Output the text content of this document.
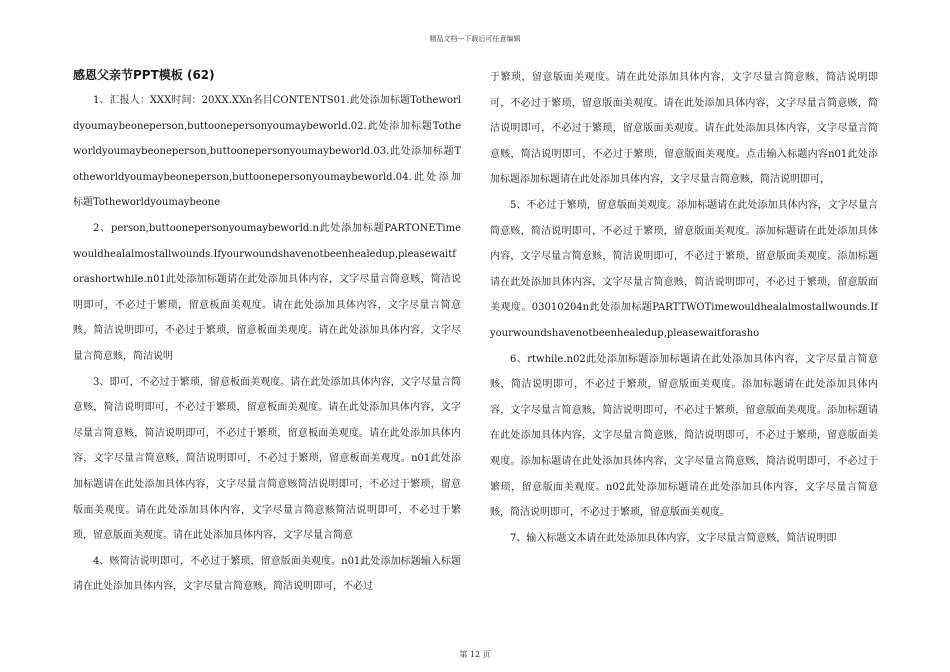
精品文档---下载后可任意编辑
感恩父亲节PPT模板 (62)

1、汇报人：XXX时间：20XX.XXn名目CONTENTS01.此处添加标题Totheworldyoumaybeoneperson,buttoonepersonyoumaybeworld.02.此处添加标题Totheworldyoumaybeoneperson,buttoonepersonyoumaybeworld.03.此处添加标题Totheworldyoumaybeoneperson,buttoonepersonyoumaybeworld.04.此处添加标题Totheworldyoumaybeone

2、person,buttoonepersonyoumaybeworld.n此处添加标题PARTONETimewouldhealalmostallwounds.Ifyourwoundshavenotbeenhealedup,pleasewaitforashortwhile.n01此处添加标题请在此处添加具体内容，文字尽量言简意赅，简洁说明即可，不必过于繁琐，留意板面美观度。请在此处添加具体内容，文字尽量言简意赅，简洁说明即可，不必过于繁琐，留意板面美观度。请在此处添加具体内容，文字尽量言简意赅，简洁说明

3、即可，不必过于繁琐，留意板面美观度。请在此处添加具体内容，文字尽量言简意赅，简洁说明即可，不必过于繁琐，留意板面美观度。请在此处添加具体内容，文字尽量言简意赅，简洁说明即可，不必过于繁琐，留意板面美观度。请在此处添加具体内容，文字尽量言简意赅，简洁说明即可，不必过于繁琐，留意板面美观度。n01此处添加标题请在此处添加具体内容，文字尽量言简意赅简洁说明即可，不必过于繁琐，留意版面美观度。请在此处添加具体内容，文字尽量言简意赅简洁说明即可，不必过于繁琐，留意版面美观度。请在此处添加具体内容，文字尽量言简意

4、赅简洁说明即可，不必过于繁琐，留意版面美观度。n01此处添加标题输入标题请在此处添加具体内容，文字尽量言简意赅，简洁说明即可，不必过

于繁琐，留意版面美观度。请在此处添加具体内容，文字尽量言简意赅，简洁说明即可，不必过于繁琐，留意版面美观度。请在此处添加具体内容，文字尽量言简意赅，简洁说明即可，不必过于繁琐，留意版面美观度。请在此处添加具体内容，文字尽量言简意赅，简洁说明即可，不必过于繁琐，留意版面美观度。点击输入标题内容n01此处添加标题添加标题请在此处添加具体内容，文字尽量言简意赅，简洁说明即可，

5、不必过于繁琐，留意版面美观度。添加标题请在此处添加具体内容，文字尽量言简意赅，简洁说明即可，不必过于繁琐，留意版面美观度。添加标题请在此处添加具体内容，文字尽量言简意赅，简洁说明即可，不必过于繁琐，留意版面美观度。添加标题请在此处添加具体内容，文字尽量言简意赅，简洁说明即可，不必过于繁琐，留意版面美观度。03010204n此处添加标题PARTTWOTimewouldhealalmostallwounds.Ifyourwoundshavenotbeenhealedup,pleasewaitforasho

6、rtwhile.n02此处添加标题添加标题请在此处添加具体内容，文字尽量言简意赅，简洁说明即可，不必过于繁琐，留意版面美观度。添加标题请在此处添加具体内容，文字尽量言简意赅，简洁说明即可，不必过于繁琐，留意版面美观度。添加标题请在此处添加具体内容，文字尽量言简意赅，简洁说明即可，不必过于繁琐，留意版面美观度。添加标题请在此处添加具体内容，文字尽量言简意赅，简洁说明即可，不必过于繁琐，留意版面美观度。n02此处添加标题请在此处添加具体内容，文字尽量言简意赅，简洁说明即可，不必过于繁琐，留意版面美观度。

7、输入标题文本请在此处添加具体内容，文字尽量言简意赅，简洁说明即

第 12 页
